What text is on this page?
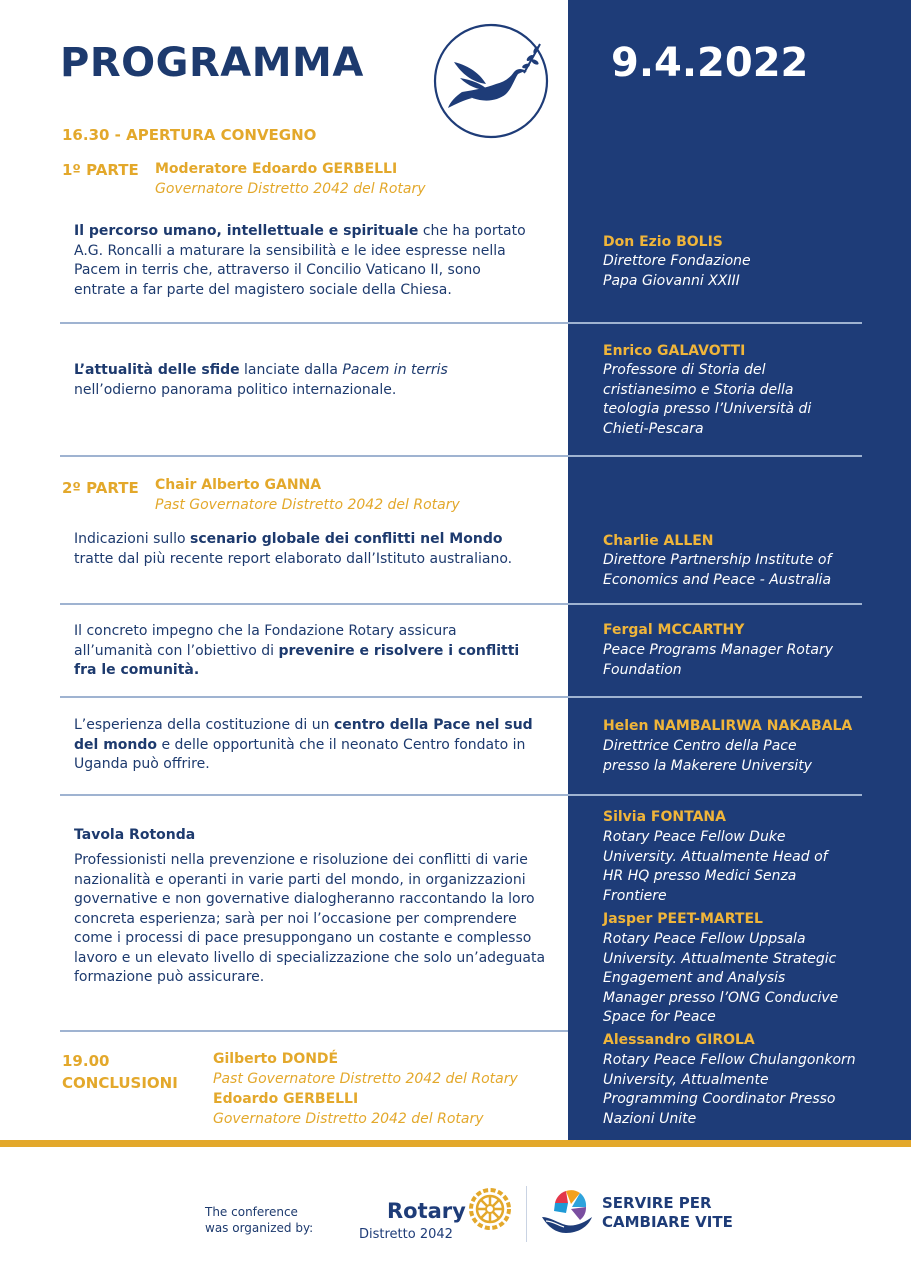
PROGRAMMA	9.4.2022
16.30 - APERTURA CONVEGNO
1º PARTE Moderatore Edoardo GERBELLI
Governatore Distretto 2042 del Rotary
Il percorso umano, intellettuale e spirituale che ha portato A.G. Roncalli a maturare la sensibilità e le idee espresse nella Pacem in terris che, attraverso il Concilio Vaticano II, sono entrate a far parte del magistero sociale della Chiesa.
Don Ezio BOLIS
Direttore Fondazione Papa Giovanni XXIII
L’attualità delle sfide lanciate dalla Pacem in terris nell’odierno panorama politico internazionale.
Enrico GALAVOTTI
Professore di Storia del cristianesimo e Storia della teologia presso l’Università di Chieti-Pescara
2º PARTE Chair Alberto GANNA
Past Governatore Distretto 2042 del Rotary
Indicazioni sullo scenario globale dei conflitti nel Mondo tratte dal più recente report elaborato dall’Istituto australiano.
Charlie ALLEN
Direttore Partnership Institute of Economics and Peace - Australia
Il concreto impegno che la Fondazione Rotary assicura all’umanità con l’obiettivo di prevenire e risolvere i conflitti fra le comunità.
Fergal MCCARTHY
Peace Programs Manager Rotary Foundation
L’esperienza della costituzione di un centro della Pace nel sud del mondo e delle opportunità che il neonato Centro fondato in Uganda può offrire.
Helen NAMBALIRWA NAKABALA
Direttrice Centro della Pace presso la Makerere University
Tavola Rotonda
Professionisti nella prevenzione e risoluzione dei conflitti di varie nazionalità e operanti in varie parti del mondo, in organizzazioni governative e non governative dialogheranno raccontando la loro concreta esperienza; sarà per noi l’occasione per comprendere come i processi di pace presuppongano un costante e complesso lavoro e un elevato livello di specializzazione che solo un’adeguata formazione può assicurare.
Silvia FONTANA
Rotary Peace Fellow Duke University. Attualmente Head of HR HQ presso Medici Senza Frontiere
Jasper PEET-MARTEL
Rotary Peace Fellow Uppsala University. Attualmente Strategic Engagement and Analysis Manager presso l’ONG Conducive Space for Peace
Alessandro GIROLA
Rotary Peace Fellow Chulangonkorn University, Attualmente Programming Coordinator Presso Nazioni Unite
19.00
CONCLUSIONI
Gilberto DONDÉ
Past Governatore Distretto 2042 del Rotary
Edoardo GERBELLI
Governatore Distretto 2042 del Rotary
The conference
was organized by:
Rotary
Distretto 2042
SERVIRE PER
CAMBIARE VITE
